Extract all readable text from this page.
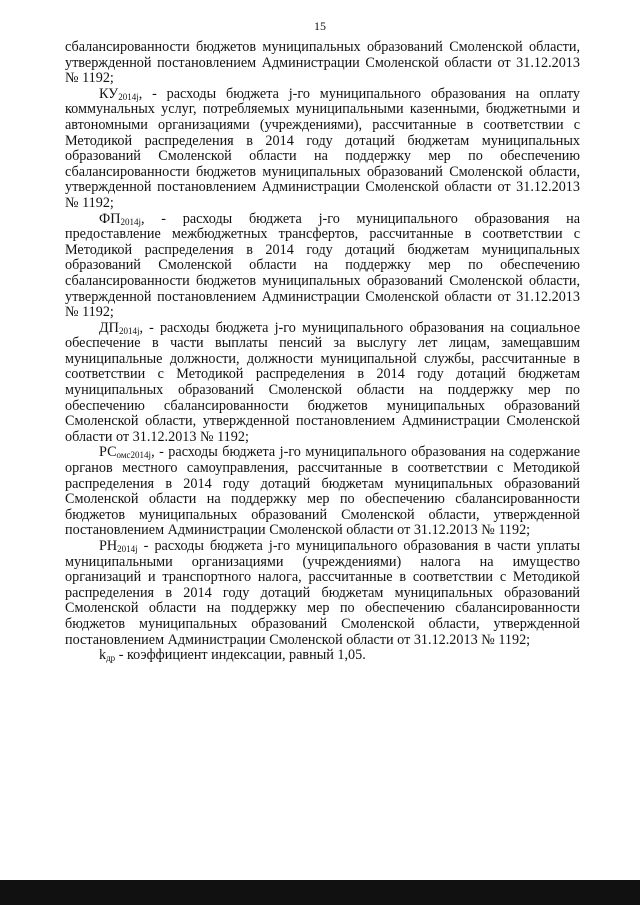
15

сбалансированности бюджетов муниципальных образований Смоленской области, утвержденной постановлением Администрации Смоленской области от 31.12.2013 № 1192;

$КУ_{2014j}$, - расходы бюджета j-го муниципального образования на оплату коммунальных услуг, потребляемых муниципальными казенными, бюджетными и автономными организациями (учреждениями), рассчитанные в соответствии с Методикой распределения в 2014 году дотаций бюджетам муниципальных образований Смоленской области на поддержку мер по обеспечению сбалансированности бюджетов муниципальных образований Смоленской области, утвержденной постановлением Администрации Смоленской области от 31.12.2013 № 1192;

$ФП_{2014j}$, - расходы бюджета j-го муниципального образования на предоставление межбюджетных трансфертов, рассчитанные в соответствии с Методикой распределения в 2014 году дотаций бюджетам муниципальных образований Смоленской области на поддержку мер по обеспечению сбалансированности бюджетов муниципальных образований Смоленской области, утвержденной постановлением Администрации Смоленской области от 31.12.2013 № 1192;

$ДП_{2014j}$, - расходы бюджета j-го муниципального образования на социальное обеспечение в части выплаты пенсий за выслугу лет лицам, замещавшим муниципальные должности, должности муниципальной службы, рассчитанные в соответствии с Методикой распределения в 2014 году дотаций бюджетам муниципальных образований Смоленской области на поддержку мер по обеспечению сбалансированности бюджетов муниципальных образований Смоленской области, утвержденной постановлением Администрации Смоленской области от 31.12.2013 № 1192;

$РС_{омс2014j}$, - расходы бюджета j-го муниципального образования на содержание органов местного самоуправления, рассчитанные в соответствии с Методикой распределения в 2014 году дотаций бюджетам муниципальных образований Смоленской области на поддержку мер по обеспечению сбалансированности бюджетов муниципальных образований Смоленской области, утвержденной постановлением Администрации Смоленской области от 31.12.2013 № 1192;

$РН_{2014j}$ - расходы бюджета j-го муниципального образования в части уплаты муниципальными организациями (учреждениями) налога на имущество организаций и транспортного налога, рассчитанные в соответствии с Методикой распределения в 2014 году дотаций бюджетам муниципальных образований Смоленской области на поддержку мер по обеспечению сбалансированности бюджетов муниципальных образований Смоленской области, утвержденной постановлением Администрации Смоленской области от 31.12.2013 № 1192;

$k_{др}$ - коэффициент индексации, равный 1,05.
